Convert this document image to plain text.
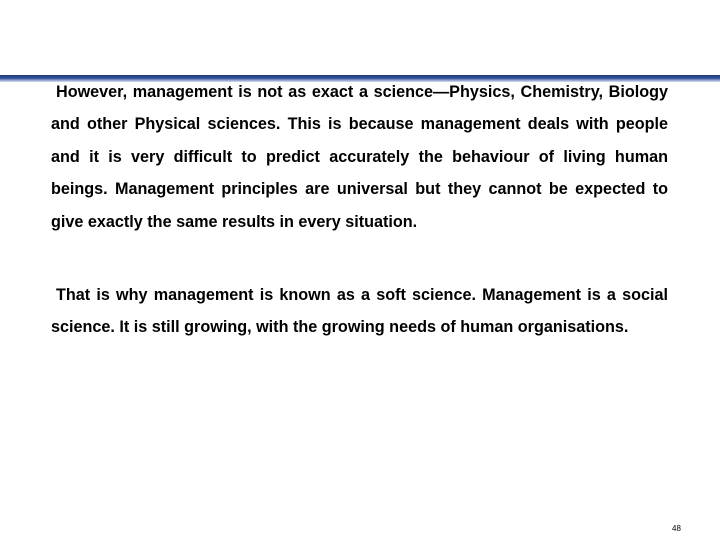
However, management is not as exact a science—Physics, Chemistry, Biology and other Physical sciences. This is because management deals with people and it is very difficult to predict accurately the behaviour of living human beings. Management principles are universal but they cannot be expected to give exactly the same results in every situation.

That is why management is known as a soft science. Management is a social science. It is still growing, with the growing needs of human organisations.

48
